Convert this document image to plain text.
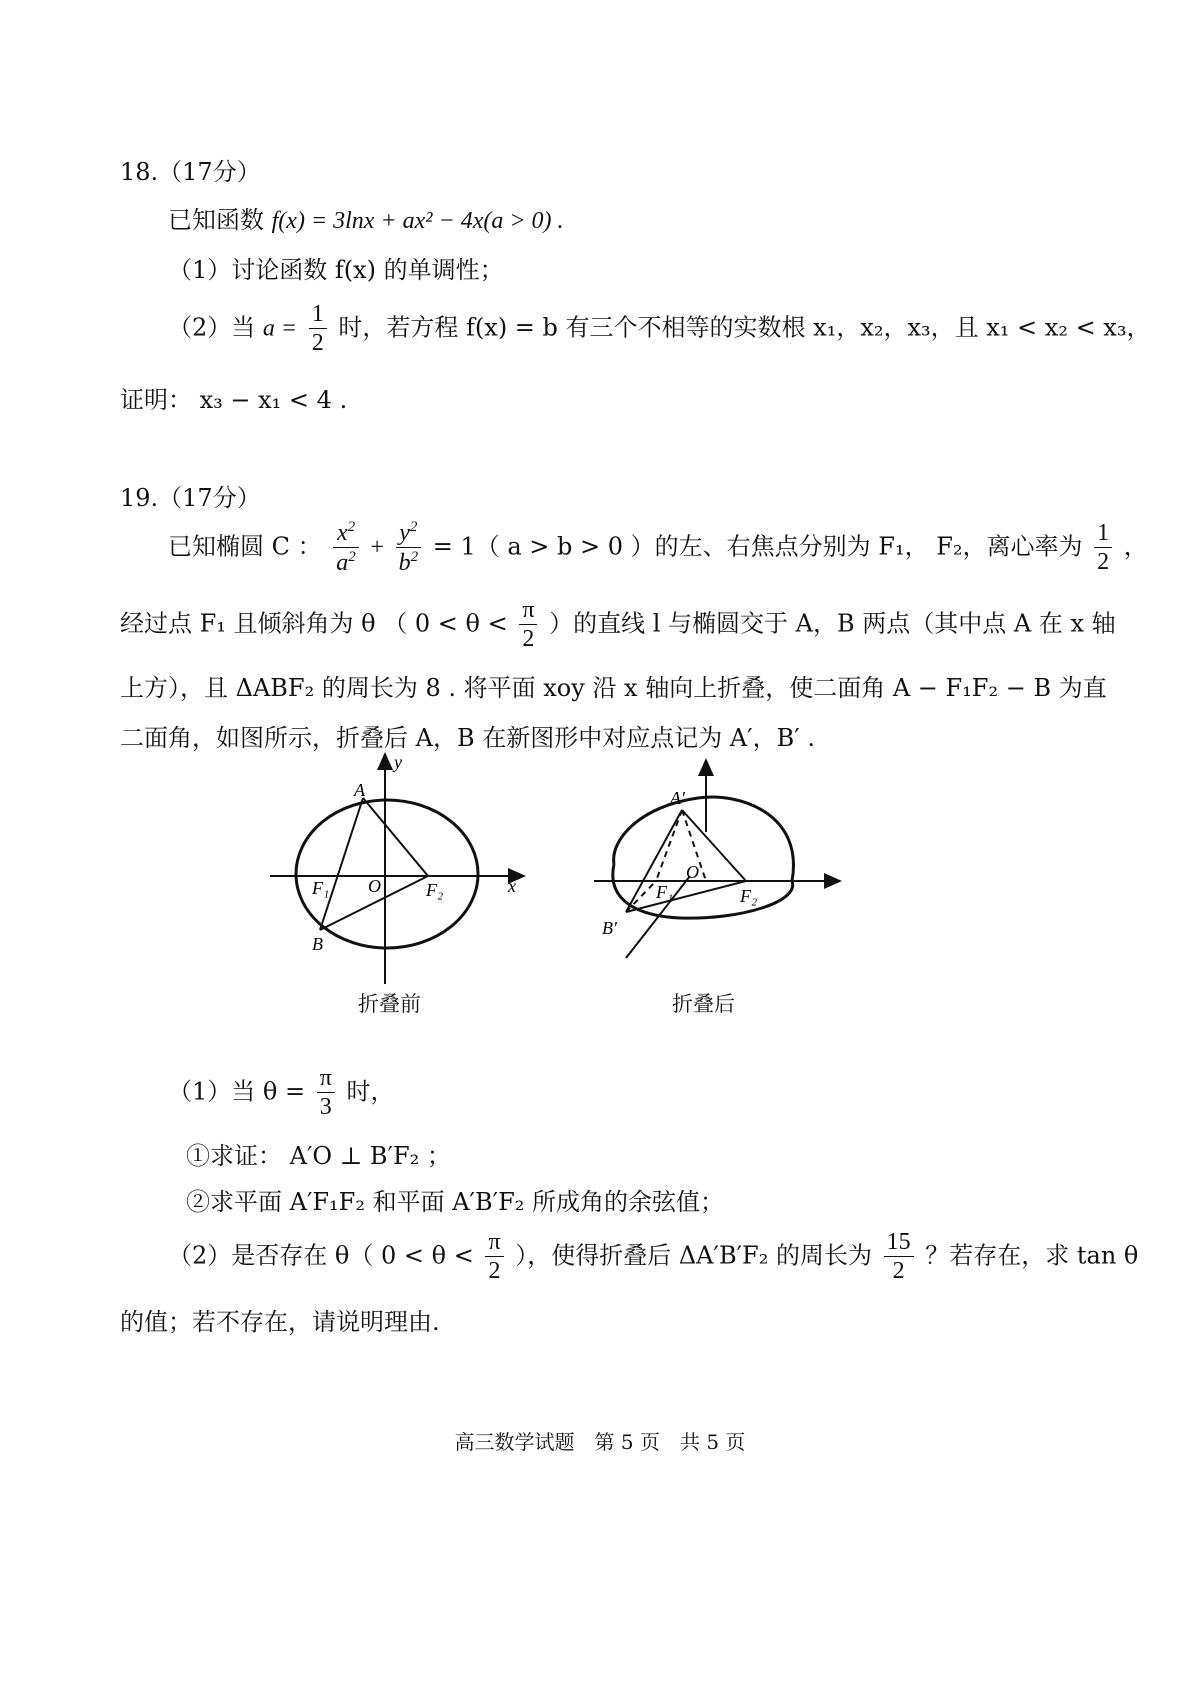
18.（17分）
已知函数 f(x) = 3lnx + ax² − 4x(a > 0) .
（1）讨论函数 f(x) 的单调性；
（2）当 $a = \frac{1}{2}$ 时，若方程 f(x) = b 有三个不相等的实数根 x₁，x₂，x₃，且 x₁ < x₂ < x₃，
证明： x₃ − x₁ < 4 .
19.（17分）
已知椭圆 C ： $\frac{x^2}{a^2} + \frac{y^2}{b^2} = 1$（ a > b > 0 ）的左、右焦点分别为 F₁， F₂，离心率为 $\frac{1}{2}$ ，
经过点 F₁ 且倾斜角为 θ （ $0 < \theta < \frac{\pi}{2}$ ）的直线 l 与椭圆交于 A，B 两点（其中点 A 在 x 轴
上方），且 ΔABF₂ 的周长为 8 . 将平面 xoy 沿 x 轴向上折叠，使二面角 A − F₁F₂ − B 为直
二面角，如图所示，折叠后 A，B 在新图形中对应点记为 A′，B′ .
A
B
F₁	F₂
O	x
y
折叠前
A′
B′
F₁	F₂
O
折叠后
（1）当 $\theta = \frac{\pi}{3}$ 时，
①求证： A′O ⊥ B′F₂ ；
②求平面 A′F₁F₂ 和平面 A′B′F₂ 所成角的余弦值；
（2）是否存在 θ（ $0 < \theta < \frac{\pi}{2}$ ），使得折叠后 ΔA′B′F₂ 的周长为 $\frac{15}{2}$ ？若存在，求 tan θ
的值；若不存在，请说明理由.
高三数学试题　第 5 页　共 5 页
